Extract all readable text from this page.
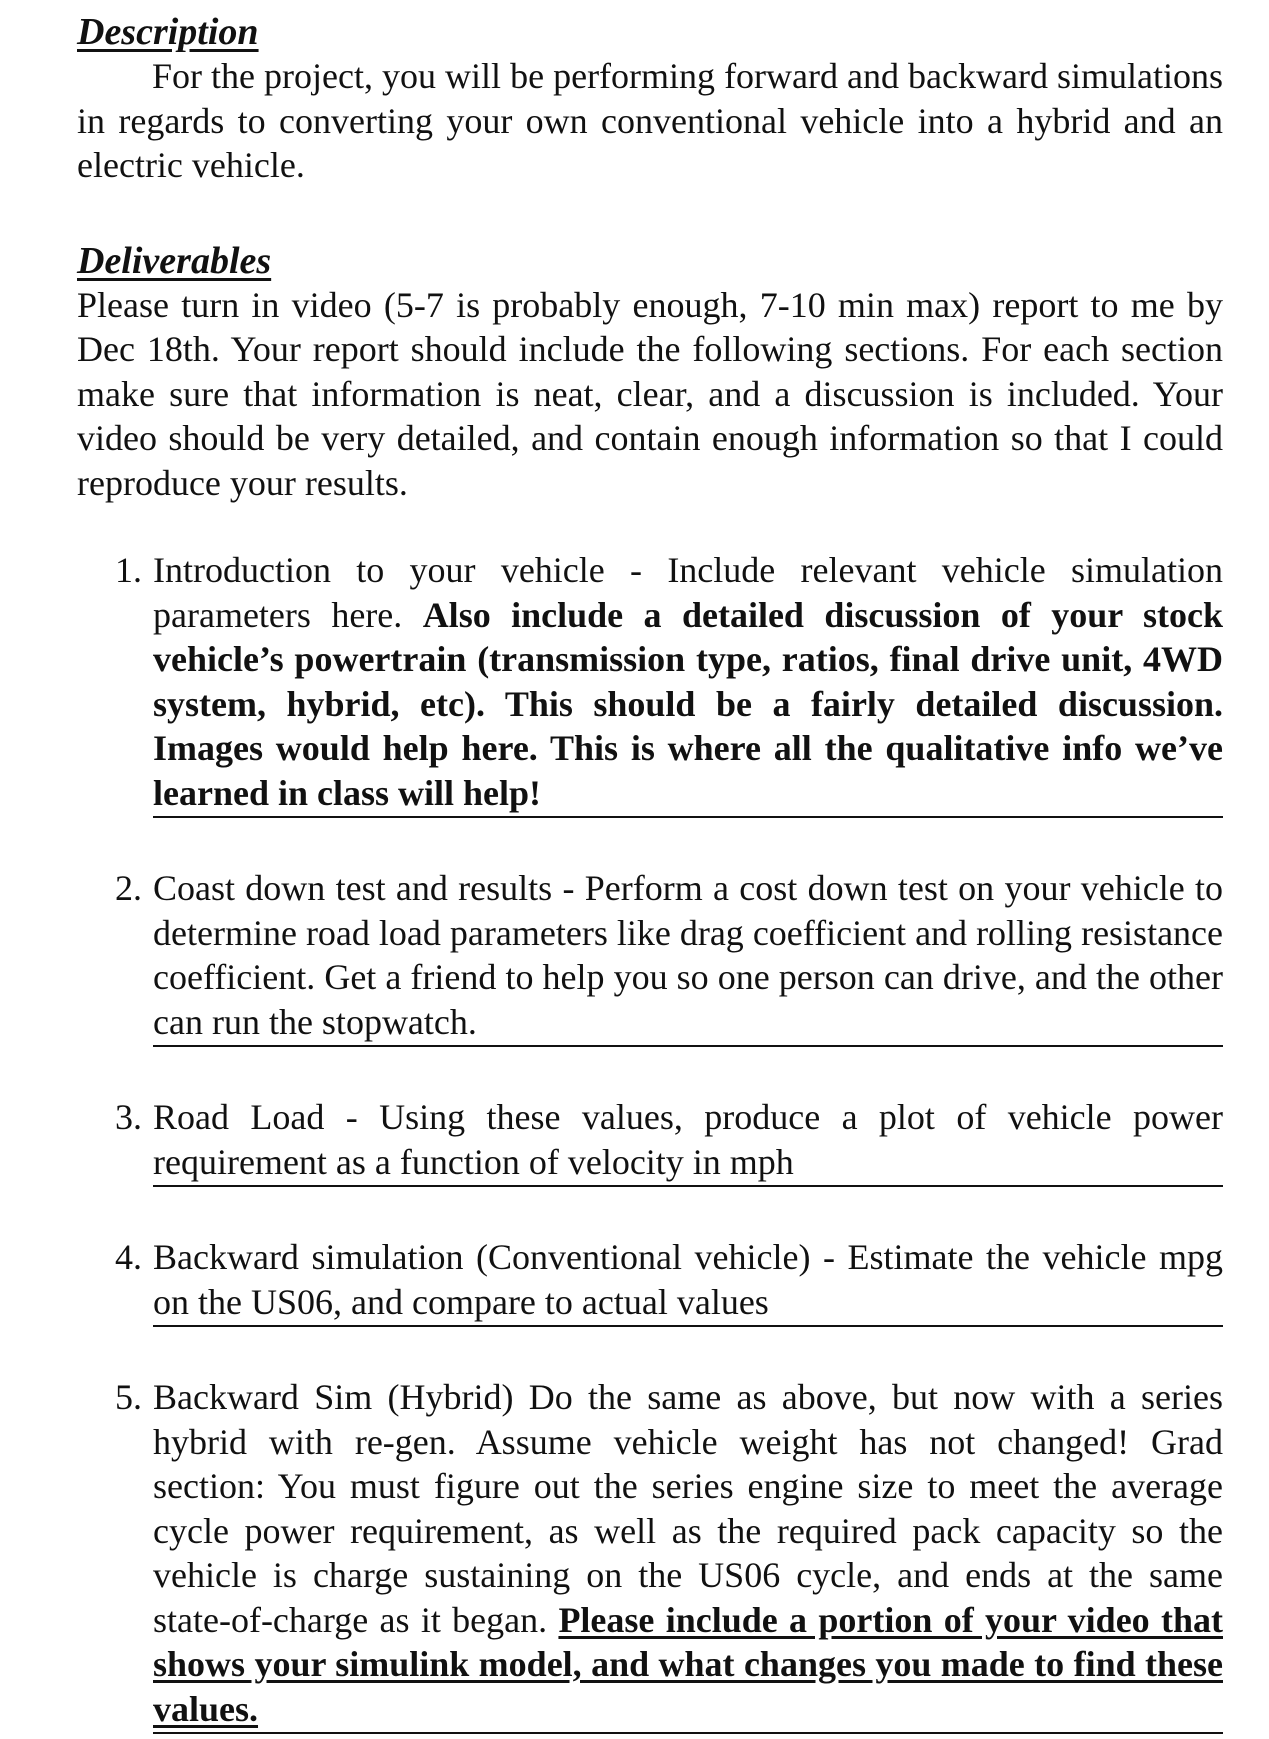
Description

For the project, you will be performing forward and backward simulations in regards to converting your own conventional vehicle into a hybrid and an electric vehicle.

Deliverables

Please turn in video (5-7 is probably enough, 7-10 min max) report to me by Dec 18th. Your report should include the following sections. For each section make sure that information is neat, clear, and a discussion is included. Your video should be very detailed, and contain enough information so that I could reproduce your results.

1. Introduction to your vehicle - Include relevant vehicle simulation parameters here. Also include a detailed discussion of your stock vehicle’s powertrain (transmission type, ratios, final drive unit, 4WD system, hybrid, etc). This should be a fairly detailed discussion. Images would help here. This is where all the qualitative info we’ve learned in class will help!
2. Coast down test and results - Perform a cost down test on your vehicle to determine road load parameters like drag coefficient and rolling resistance coefficient. Get a friend to help you so one person can drive, and the other can run the stopwatch.
3. Road Load - Using these values, produce a plot of vehicle power requirement as a function of velocity in mph
4. Backward simulation (Conventional vehicle) - Estimate the vehicle mpg on the US06, and compare to actual values
5. Backward Sim (Hybrid) Do the same as above, but now with a series hybrid with re-gen. Assume vehicle weight has not changed! Grad section: You must figure out the series engine size to meet the average cycle power requirement, as well as the required pack capacity so the vehicle is charge sustaining on the US06 cycle, and ends at the same state-of-charge as it began. Please include a portion of your video that shows your simulink model, and what changes you made to find these values.
